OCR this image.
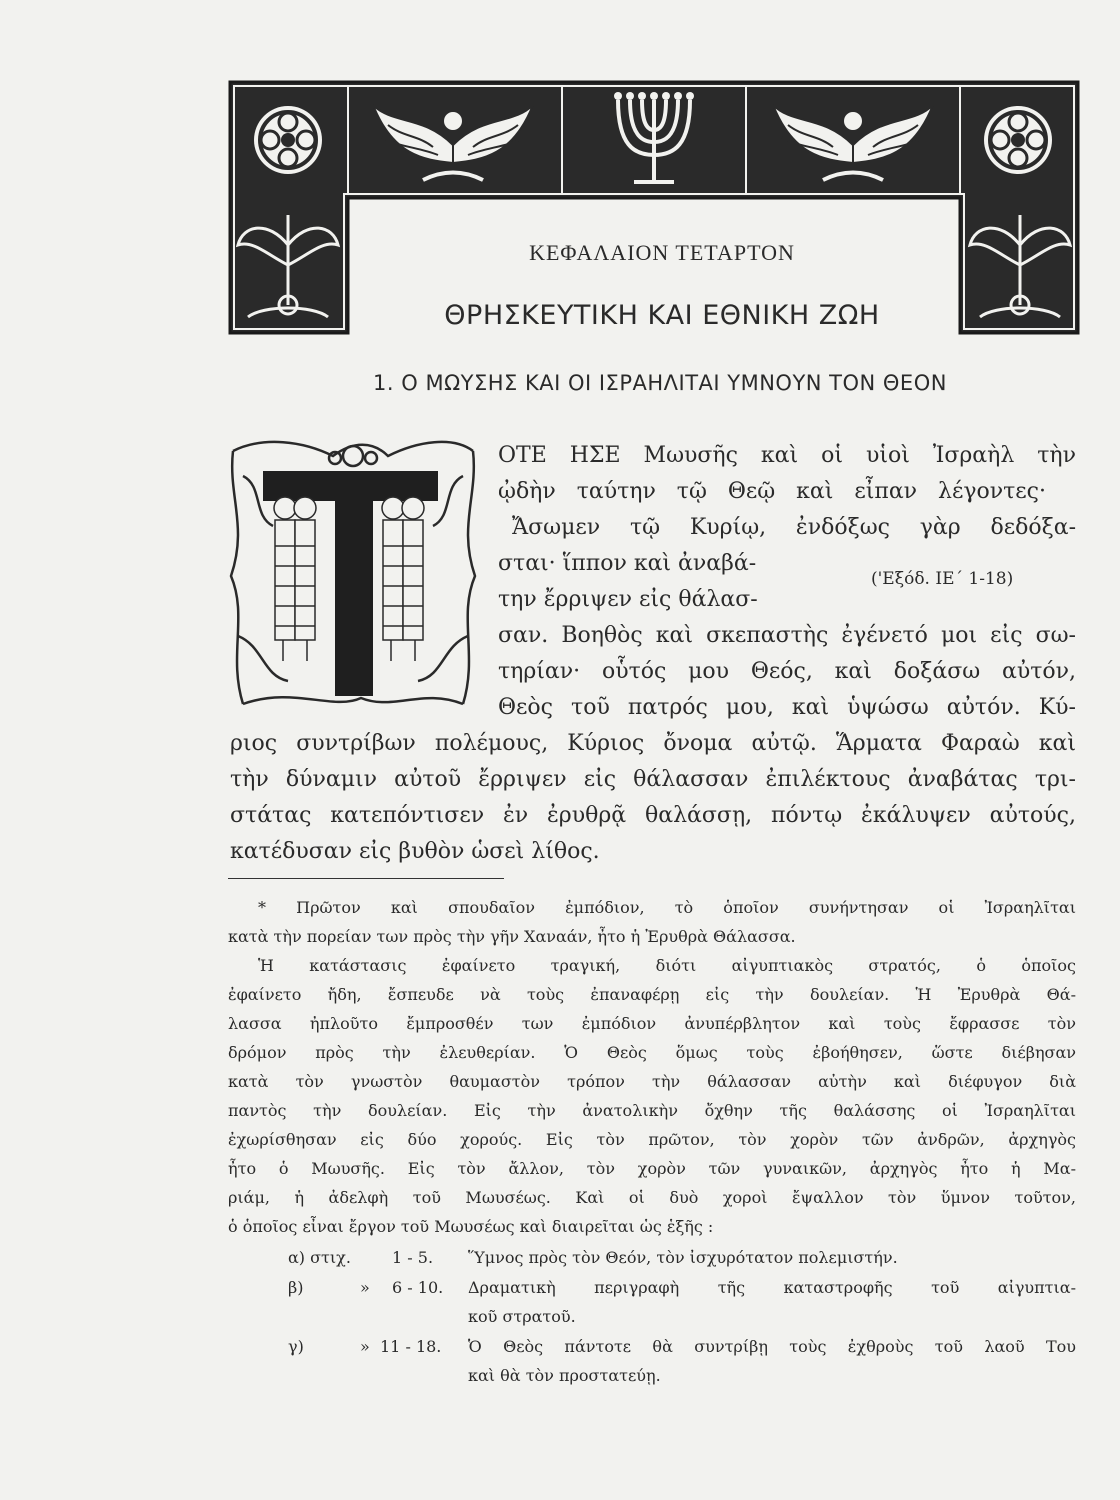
ΚΕΦΑΛΑΙΟΝ ΤΕΤΑΡΤΟΝ
ΘΡΗΣΚΕΥΤΙΚΗ ΚΑΙ ΕΘΝΙΚΗ ΖΩΗ
1. Ο ΜΩΥΣΗΣ ΚΑΙ ΟΙ ΙΣΡΑΗΛΙΤΑΙ ΥΜΝΟΥΝ ΤΟΝ ΘΕΟΝ
ΟΤΕ ΗΣΕ Μωυσῆς καὶ οἱ υἱοὶ Ἰσραὴλ τὴν
ᾠδὴν ταύτην τῷ Θεῷ καὶ εἶπαν λέγοντες·
Ἄσωμεν τῷ Κυρίῳ, ἐνδόξως γὰρ δεδόξα-
σται· ἵππον καὶ ἀναβά-
('Εξόδ. ΙΕ΄ 1-18)
την ἔρριψεν εἰς θάλασ-
σαν. Βοηθὸς καὶ σκεπαστὴς ἐγένετό μοι εἰς σω-
τηρίαν· οὗτός μου Θεός, καὶ δοξάσω αὐτόν,
Θεὸς τοῦ πατρός μου, καὶ ὑψώσω αὐτόν. Κύ-
ριος συντρίβων πολέμους, Κύριος ὄνομα αὐτῷ. Ἅρματα Φαραὼ καὶ
τὴν δύναμιν αὐτοῦ ἔρριψεν εἰς θάλασσαν ἐπιλέκτους ἀναβάτας τρι-
στάτας κατεπόντισεν ἐν ἐρυθρᾷ θαλάσσῃ, πόντῳ ἐκάλυψεν αὐτούς,
κατέδυσαν εἰς βυθὸν ὡσεὶ λίθος.
* Πρῶτον καὶ σπουδαῖον ἐμπόδιον, τὸ ὁποῖον συνήντησαν οἱ Ἰσραηλῖται
κατὰ τὴν πορείαν των πρὸς τὴν γῆν Χαναάν, ἦτο ἡ Ἐρυθρὰ Θάλασσα.
Ἡ κατάστασις ἐφαίνετο τραγική, διότι αἰγυπτιακὸς στρατός, ὁ ὁποῖος
ἐφαίνετο ἤδη, ἔσπευδε νὰ τοὺς ἐπαναφέρῃ εἰς τὴν δουλείαν. Ἡ Ἐρυθρὰ Θά-
λασσα ἠπλοῦτο ἔμπροσθέν των ἐμπόδιον ἀνυπέρβλητον καὶ τοὺς ἔφρασσε τὸν
δρόμον πρὸς τὴν ἐλευθερίαν. Ὁ Θεὸς ὅμως τοὺς ἐβοήθησεν, ὥστε διέβησαν
κατὰ τὸν γνωστὸν θαυμαστὸν τρόπον τὴν θάλασσαν αὐτὴν καὶ διέφυγον διὰ
παντὸς τὴν δουλείαν. Εἰς τὴν ἀνατολικὴν ὄχθην τῆς θαλάσσης οἱ Ἰσραηλῖται
ἐχωρίσθησαν εἰς δύο χορούς. Εἰς τὸν πρῶτον, τὸν χορὸν τῶν ἀνδρῶν, ἀρχηγὸς
ἦτο ὁ Μωυσῆς. Εἰς τὸν ἄλλον, τὸν χορὸν τῶν γυναικῶν, ἀρχηγὸς ἦτο ἡ Μα-
ριάμ, ἡ ἀδελφὴ τοῦ Μωυσέως. Καὶ οἱ δυὸ χοροὶ ἔψαλλον τὸν ὕμνον τοῦτον,
ὁ ὁποῖος εἶναι ἔργον τοῦ Μωυσέως καὶ διαιρεῖται ὡς ἑξῆς :
α) στιχ.	1 - 5. Ὕμνος πρὸς τὸν Θεόν, τὸν ἰσχυρότατον πολεμιστήν.
β)	» 6 - 10. Δραματικὴ περιγραφὴ τῆς καταστροφῆς τοῦ αἰγυπτια-
κοῦ στρατοῦ.
γ)	» 11 - 18. Ὁ Θεὸς πάντοτε θὰ συντρίβῃ τοὺς ἐχθροὺς τοῦ λαοῦ Του
καὶ θὰ τὸν προστατεύῃ.
